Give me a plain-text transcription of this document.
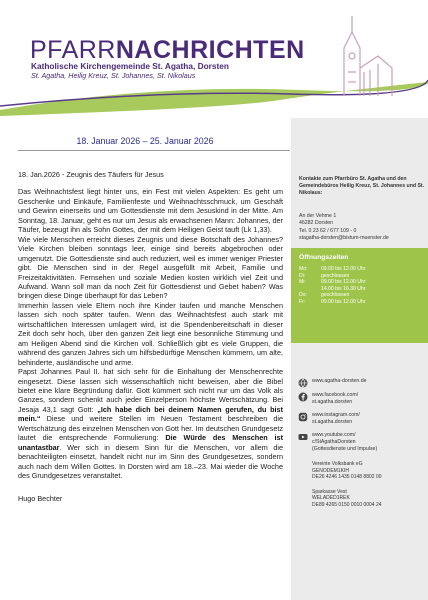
PFARRNACHRICHTEN
Katholische Kirchengemeinde St. Agatha, Dorsten
St. Agatha, Heilig Kreuz, St. Johannes, St. Nikolaus
18. Januar 2026 – 25. Januar 2026

18. Jan.2026 - Zeugnis des Täufers für Jesus

Das Weihnachtsfest liegt hinter uns, ein Fest mit vielen Aspekten: Es geht um Geschenke und Einkäufe, Familienfeste und Weihnachtsschmuck, um Geschäft und Gewinn einerseits und um Gottesdienste mit dem Jesuskind in der Mitte. Am Sonntag, 18. Januar, geht es nur um Jesus als erwachsenen Mann: Johannes, der Täufer, bezeugt ihn als Sohn Gottes, der mit dem Heiligen Geist tauft (Lk 1,33).

Wie viele Menschen erreicht dieses Zeugnis und diese Botschaft des Johannes? Viele Kirchen bleiben sonntags leer, einige sind bereits abgebrochen oder umgenutzt. Die Gottesdienste sind auch reduziert, weil es immer weniger Priester gibt. Die Menschen sind in der Regel ausgefüllt mit Arbeit, Familie und Freizeitaktivitäten. Fernsehen und soziale Medien kosten wirklich viel Zeit und Aufwand. Wann soll man da noch Zeit für Gottesdienst und Gebet haben? Was bringen diese Dinge überhaupt für das Leben?

Immerhin lassen viele Eltern noch ihre Kinder taufen und manche Menschen lassen sich noch später taufen. Wenn das Weihnachtsfest auch stark mit wirtschaftlichen Interessen umlagert wird, ist die Spendenbereitschaft in dieser Zeit doch sehr hoch, über den ganzen Zeit liegt eine besonnliche Stimmung und am Heiligen Abend sind die Kirchen voll. Schließlich gibt es viele Gruppen, die während des ganzen Jahres sich um hilfsbedürftige Menschen kümmern, um alte, behinderte, ausländische und arme.

Papst Johannes Paul II. hat sich sehr für die Einhaltung der Menschenrechte eingesetzt. Diese lassen sich wissenschaftlich nicht beweisen, aber die Bibel bietet eine klare Begründung dafür. Gott kümmert sich nicht nur um das Volk als Ganzes, sondern schenkt auch jeder Einzelperson höchste Wertschätzung. Bei Jesaja 43,1 sagt Gott: „Ich habe dich bei deinem Namen gerufen, du bist mein.“ Diese und weitere Stellen im Neuen Testament beschreiben die Wertschätzung des einzelnen Menschen von Gott her. Im deutschen Grundgesetz lautet die entsprechende Formulierung: Die Würde des Menschen ist unantastbar. Wer sich in diesem Sinn für die Menschen, vor allem die benachteiligten einsetzt, handelt nicht nur im Sinn des Grundgesetzes, sondern auch nach dem Willen Gottes. In Dorsten wird am 18.–23. Mai wieder die Woche des Grundgesetzes veranstaltet.

Hugo Bechter

Kontakte zum Pfarrbüro St. Agatha und den Gemeindebüros Heilig Kreuz, St. Johannes und St. Nikolaus:
An der Vehme 1
46282 Dorsten
Tel. 0 23 62 / 677 109 - 0
stagatha-dorsten@bistum-muenster.de
Öffnungszeiten
Mo:	09.00 bis 12.00 Uhr
Di:	geschlossen
Mi:	09.00 bis 12.00 Uhr
	14.00 bis 16.30 Uhr
Do:	geschlossen
Fr:	09.00 bis 12.00 Uhr
www.agatha-dorsten.de
www.facebook.com/
st.agatha.dorsten
www.instagram.com/
st.agatha.dorsten
www.youtube.com/
c/StAgathaDorsten
(Gottesdienste und Impulse)
Vereinte Volksbank eG
GENODEM1KIH
DE26 4246 1435 0148 8802 00
Sparkasse Vest
WELADED1REK
DE89 4265 0150 0010 0004 24
